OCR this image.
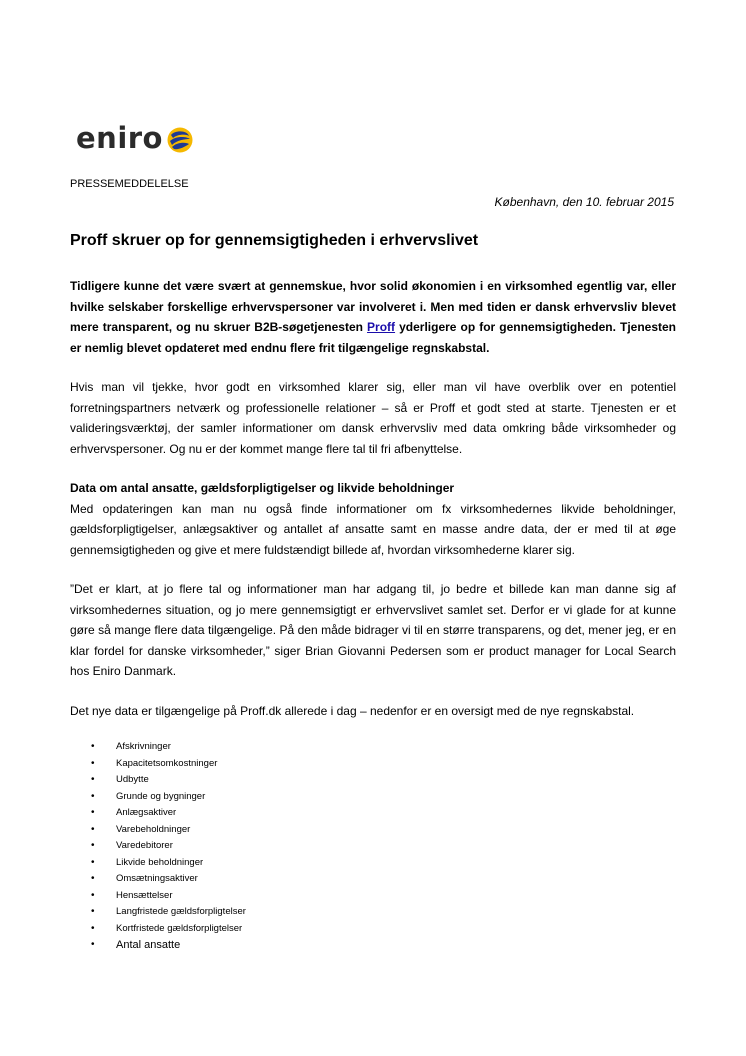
eniro
PRESSEMEDDELELSE
København, den 10. februar 2015
Proff skruer op for gennemsigtigheden i erhvervslivet

Tidligere kunne det være svært at gennemskue, hvor solid økonomien i en virksomhed egentlig var, eller hvilke selskaber forskellige erhvervspersoner var involveret i. Men med tiden er dansk erhvervsliv blevet mere transparent, og nu skruer B2B-søgetjenesten Proff yderligere op for gennemsigtigheden. Tjenesten er nemlig blevet opdateret med endnu flere frit tilgængelige regnskabstal.

Hvis man vil tjekke, hvor godt en virksomhed klarer sig, eller man vil have overblik over en potentiel forretningspartners netværk og professionelle relationer – så er Proff et godt sted at starte. Tjenesten er et valideringsværktøj, der samler informationer om dansk erhvervsliv med data omkring både virksomheder og erhvervspersoner. Og nu er der kommet mange flere tal til fri afbenyttelse.

Data om antal ansatte, gældsforpligtigelser og likvide beholdninger
Med opdateringen kan man nu også finde informationer om fx virksomhedernes likvide beholdninger, gældsforpligtigelser, anlægsaktiver og antallet af ansatte samt en masse andre data, der er med til at øge gennemsigtigheden og give et mere fuldstændigt billede af, hvordan virksomhederne klarer sig.

”Det er klart, at jo flere tal og informationer man har adgang til, jo bedre et billede kan man danne sig af virksomhedernes situation, og jo mere gennemsigtigt er erhvervslivet samlet set. Derfor er vi glade for at kunne gøre så mange flere data tilgængelige. På den måde bidrager vi til en større transparens, og det, mener jeg, er en klar fordel for danske virksomheder,” siger Brian Giovanni Pedersen som er product manager for Local Search hos Eniro Danmark.

Det nye data er tilgængelige på Proff.dk allerede i dag – nedenfor er en oversigt med de nye regnskabstal.

• Afskrivninger
• Kapacitetsomkostninger
• Udbytte
• Grunde og bygninger
• Anlægsaktiver
• Varebeholdninger
• Varedebitorer
• Likvide beholdninger
• Omsætningsaktiver
• Hensættelser
• Langfristede gældsforpligtelser
• Kortfristede gældsforpligtelser
• Antal ansatte
